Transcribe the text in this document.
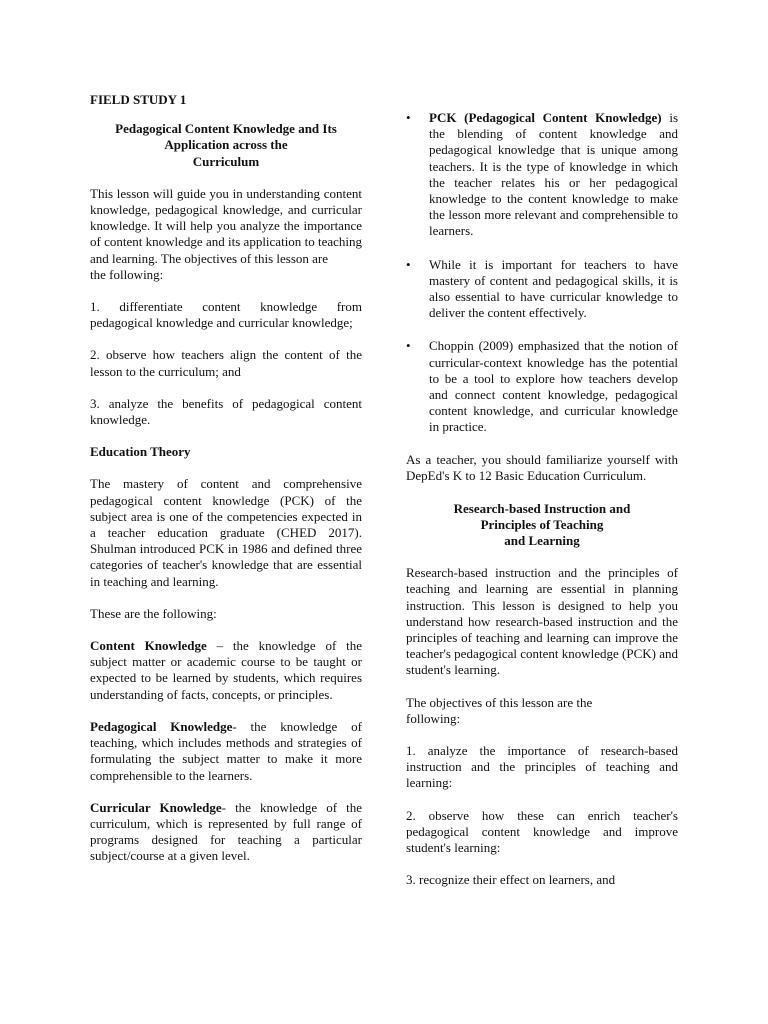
FIELD STUDY 1
Pedagogical Content Knowledge and Its
Application across the
Curriculum

This lesson will guide you in understanding content knowledge, pedagogical knowledge, and curricular knowledge. It will help you analyze the importance of content knowledge and its application to teaching and learning. The objectives of this lesson are

the following:

1. differentiate content knowledge from pedagogical knowledge and curricular knowledge;

2. observe how teachers align the content of the lesson to the curriculum; and

3. analyze the benefits of pedagogical content knowledge.

Education Theory

The mastery of content and comprehensive pedagogical content knowledge (PCK) of the subject area is one of the competencies expected in a teacher education graduate (CHED 2017). Shulman introduced PCK in 1986 and defined three categories of teacher's knowledge that are essential in teaching and learning.

These are the following:

Content Knowledge – the knowledge of the subject matter or academic course to be taught or expected to be learned by students, which requires understanding of facts, concepts, or principles.

Pedagogical Knowledge- the knowledge of teaching, which includes methods and strategies of formulating the subject matter to make it more comprehensible to the learners.

Curricular Knowledge- the knowledge of the curriculum, which is represented by full range of programs designed for teaching a particular subject/course at a given level.

• PCK (Pedagogical Content Knowledge) is the blending of content knowledge and pedagogical knowledge that is unique among teachers. It is the type of knowledge in which the teacher relates his or her pedagogical knowledge to the content knowledge to make the lesson more relevant and comprehensible to learners.
• While it is important for teachers to have mastery of content and pedagogical skills, it is also essential to have curricular knowledge to deliver the content effectively.
• Choppin (2009) emphasized that the notion of curricular-context knowledge has the potential to be a tool to explore how teachers develop and connect content knowledge, pedagogical content knowledge, and curricular knowledge in practice.

As a teacher, you should familiarize yourself with DepEd's K to 12 Basic Education Curriculum.

Research-based Instruction and
Principles of Teaching
and Learning

Research-based instruction and the principles of teaching and learning are essential in planning instruction. This lesson is designed to help you understand how research-based instruction and the principles of teaching and learning can improve the teacher's pedagogical content knowledge (PCK) and student's learning.

The objectives of this lesson are the

following:

1. analyze the importance of research-based instruction and the principles of teaching and learning:

2. observe how these can enrich teacher's pedagogical content knowledge and improve student's learning:

3. recognize their effect on learners, and
